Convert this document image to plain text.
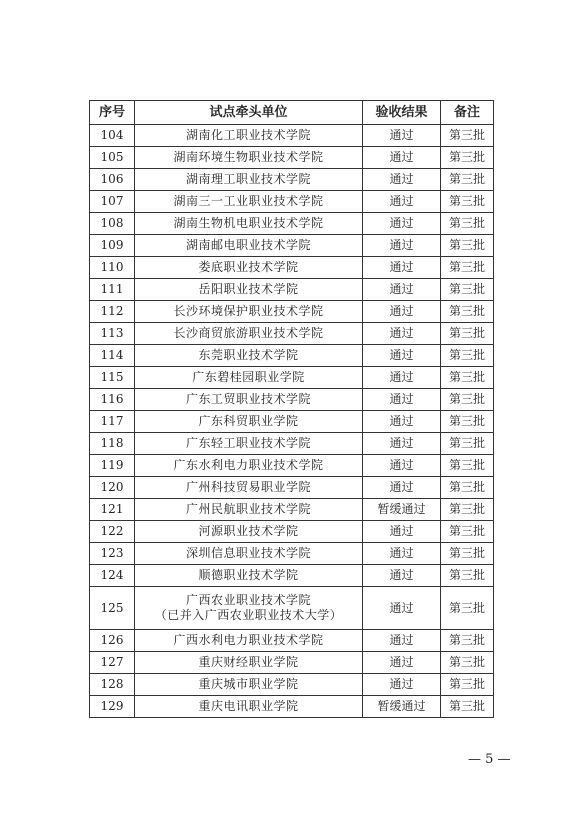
序号	试点牵头单位	验收结果	备注
104	湖南化工职业技术学院	通过	第三批
105	湖南环境生物职业技术学院	通过	第三批
106	湖南理工职业技术学院	通过	第三批
107	湖南三一工业职业技术学院	通过	第三批
108	湖南生物机电职业技术学院	通过	第三批
109	湖南邮电职业技术学院	通过	第三批
110	娄底职业技术学院	通过	第三批
111	岳阳职业技术学院	通过	第三批
112	长沙环境保护职业技术学院	通过	第三批
113	长沙商贸旅游职业技术学院	通过	第三批
114	东莞职业技术学院	通过	第三批
115	广东碧桂园职业学院	通过	第三批
116	广东工贸职业技术学院	通过	第三批
117	广东科贸职业学院	通过	第三批
118	广东轻工职业技术学院	通过	第三批
119	广东水利电力职业技术学院	通过	第三批
120	广州科技贸易职业学院	通过	第三批
121	广州民航职业技术学院	暂缓通过	第三批
122	河源职业技术学院	通过	第三批
123	深圳信息职业技术学院	通过	第三批
124	顺德职业技术学院	通过	第三批
125	广西农业职业技术学院
（已并入广西农业职业技术大学）	通过	第三批
126	广西水利电力职业技术学院	通过	第三批
127	重庆财经职业学院	通过	第三批
128	重庆城市职业学院	通过	第三批
129	重庆电讯职业学院	暂缓通过	第三批
— 5 —
